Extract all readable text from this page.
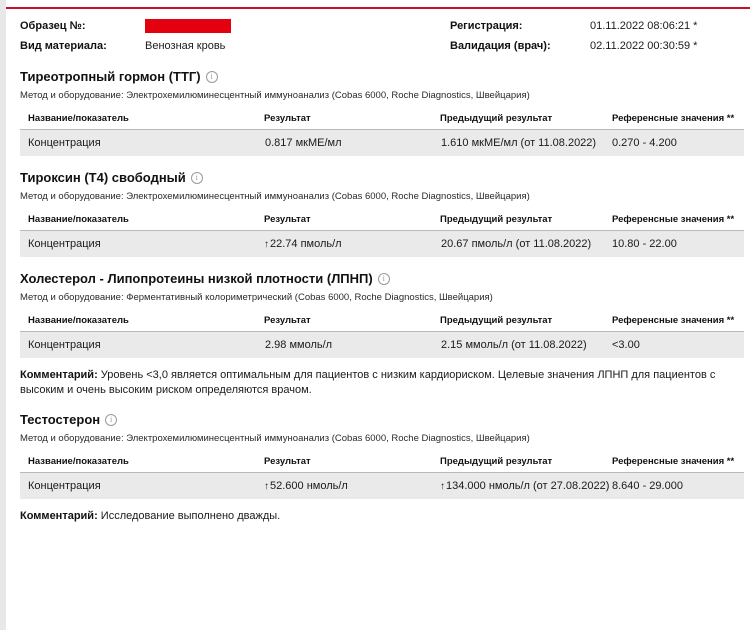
Образец №:
Вид материала:	Венозная кровь
Регистрация:	01.11.2022 08:06:21 *
Валидация (врач):	02.11.2022 00:30:59 *
Тиреотропный гормон (ТТГ)	i
Метод и оборудование: Электрохемилюминесцентный иммуноанализ (Cobas 6000, Roche Diagnostics, Швейцария)
Название/показатель	Результат	Предыдущий результат	Референсные значения **
Концентрация	0.817 мкМЕ/мл	1.610 мкМЕ/мл (от 11.08.2022)	0.270 - 4.200
Тироксин (Т4) свободный	i
Метод и оборудование: Электрохемилюминесцентный иммуноанализ (Cobas 6000, Roche Diagnostics, Швейцария)
Название/показатель	Результат	Предыдущий результат	Референсные значения **
Концентрация	↑22.74 пмоль/л	20.67 пмоль/л (от 11.08.2022)	10.80 - 22.00
Холестерол - Липопротеины низкой плотности (ЛПНП)	i
Метод и оборудование: Ферментативный колориметрический (Cobas 6000, Roche Diagnostics, Швейцария)
Название/показатель	Результат	Предыдущий результат	Референсные значения **
Концентрация	2.98 ммоль/л	2.15 ммоль/л (от 11.08.2022)	<3.00
Комментарий: Уровень <3,0 является оптимальным для пациентов с низким кардиориском. Целевые значения ЛПНП для пациентов с высоким и очень высоким риском определяются врачом.
Тестостерон	i
Метод и оборудование: Электрохемилюминесцентный иммуноанализ (Cobas 6000, Roche Diagnostics, Швейцария)
Название/показатель	Результат	Предыдущий результат	Референсные значения **
Концентрация	↑52.600 нмоль/л	↑134.000 нмоль/л (от 27.08.2022)	8.640 - 29.000
Комментарий: Исследование выполнено дважды.
